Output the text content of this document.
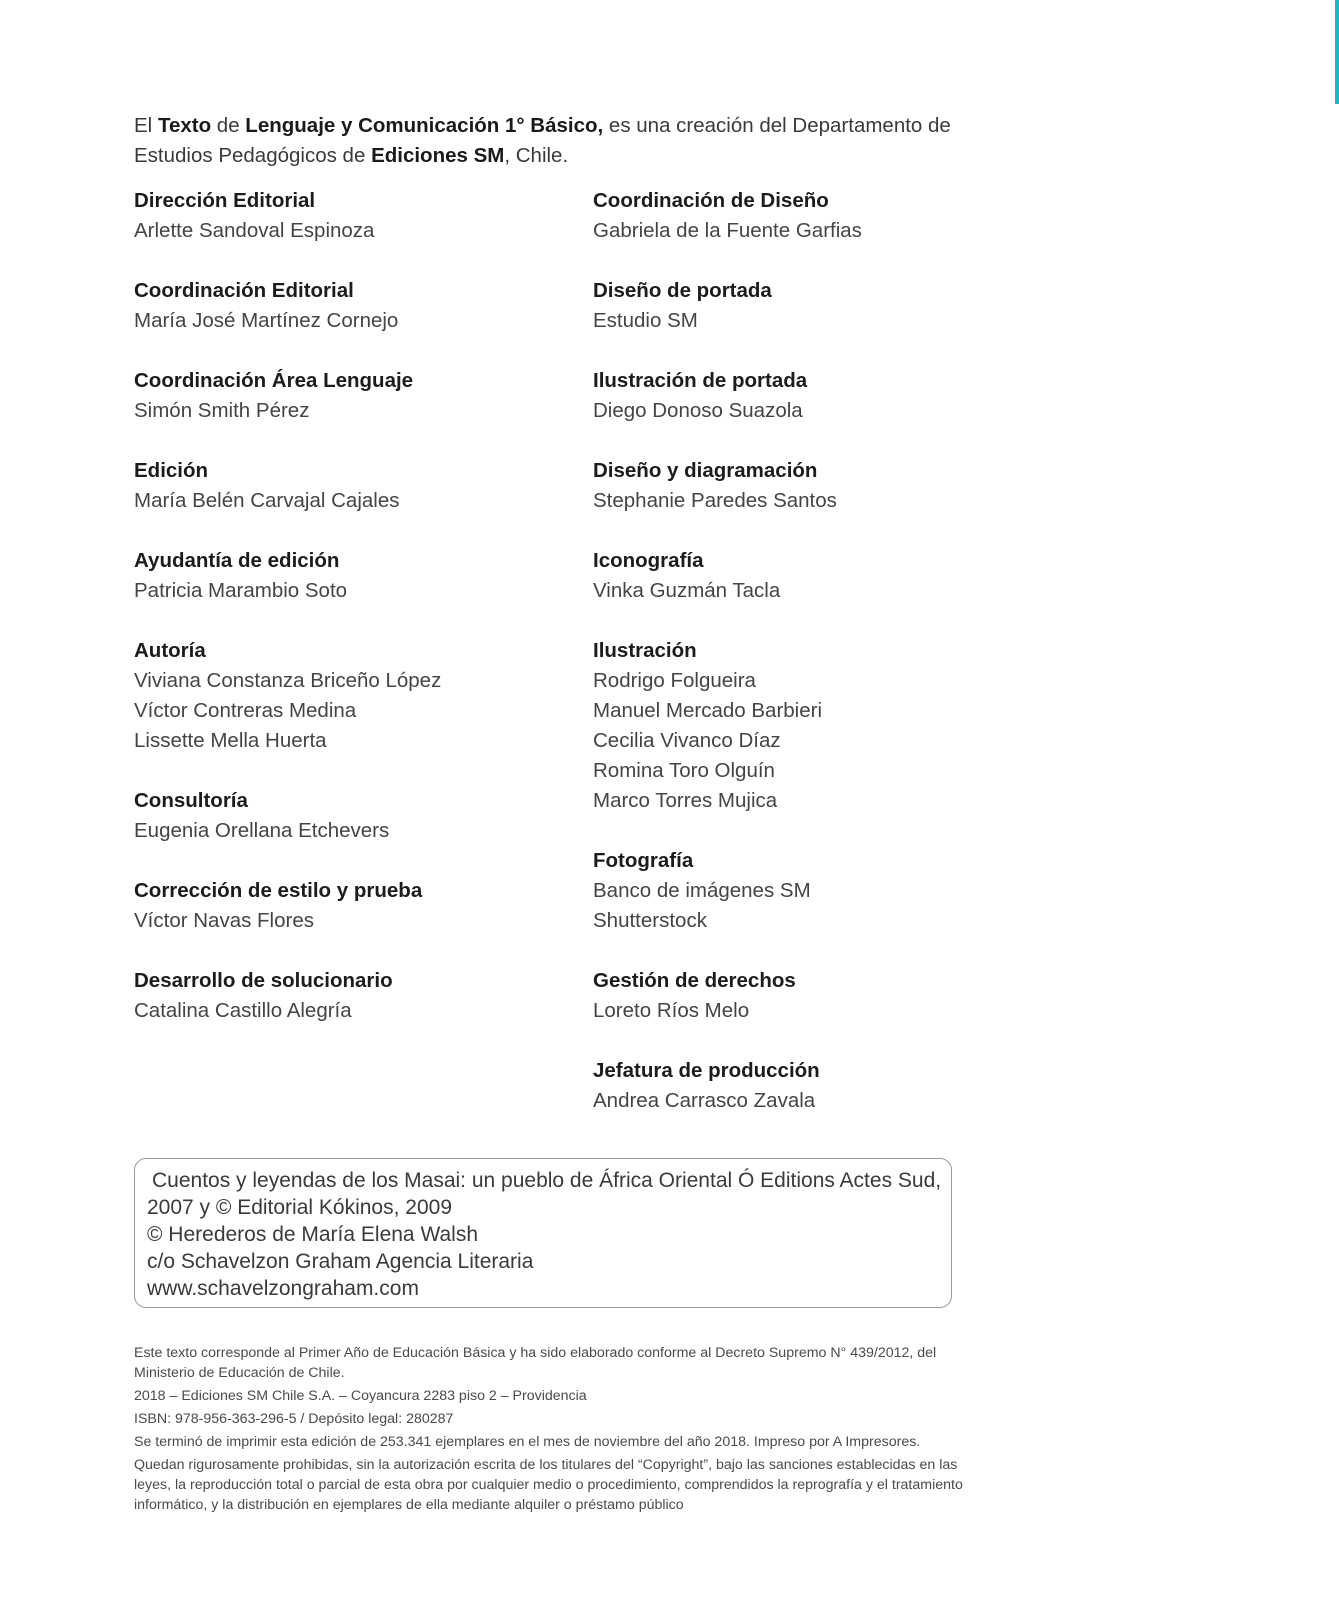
El Texto de Lenguaje y Comunicación 1° Básico, es una creación del Departamento de Estudios Pedagógicos de Ediciones SM, Chile.

Dirección Editorial

Arlette Sandoval Espinoza

Coordinación Editorial

María José Martínez Cornejo

Coordinación Área Lenguaje

Simón Smith Pérez

Edición

María Belén Carvajal Cajales

Ayudantía de edición

Patricia Marambio Soto

Autoría

Viviana Constanza Briceño López

Víctor Contreras Medina

Lissette Mella Huerta

Consultoría

Eugenia Orellana Etchevers

Corrección de estilo y prueba

Víctor Navas Flores

Desarrollo de solucionario

Catalina Castillo Alegría

Coordinación de Diseño

Gabriela de la Fuente Garfias

Diseño de portada

Estudio SM

Ilustración de portada

Diego Donoso Suazola

Diseño y diagramación

Stephanie Paredes Santos

Iconografía

Vinka Guzmán Tacla

Ilustración

Rodrigo Folgueira

Manuel Mercado Barbieri

Cecilia Vivanco Díaz

Romina Toro Olguín

Marco Torres Mujica

Fotografía

Banco de imágenes SM

Shutterstock

Gestión de derechos

Loreto Ríos Melo

Jefatura de producción

Andrea Carrasco Zavala

Cuentos y leyendas de los Masai: un pueblo de África Oriental Ó Editions Actes Sud,

2007 y © Editorial Kókinos, 2009

© Herederos de María Elena Walsh

c/o Schavelzon Graham Agencia Literaria

www.schavelzongraham.com

Este texto corresponde al Primer Año de Educación Básica y ha sido elaborado conforme al Decreto Supremo N° 439/2012, del Ministerio de Educación de Chile.

2018 – Ediciones SM Chile S.A. – Coyancura 2283 piso 2 – Providencia

ISBN: 978-956-363-296-5 / Depósito legal: 280287

Se terminó de imprimir esta edición de 253.341 ejemplares en el mes de noviembre del año 2018. Impreso por A Impresores.

Quedan rigurosamente prohibidas, sin la autorización escrita de los titulares del “Copyright”, bajo las sanciones establecidas en las leyes, la reproducción total o parcial de esta obra por cualquier medio o procedimiento, comprendidos la reprografía y el tratamiento informático, y la distribución en ejemplares de ella mediante alquiler o préstamo público
